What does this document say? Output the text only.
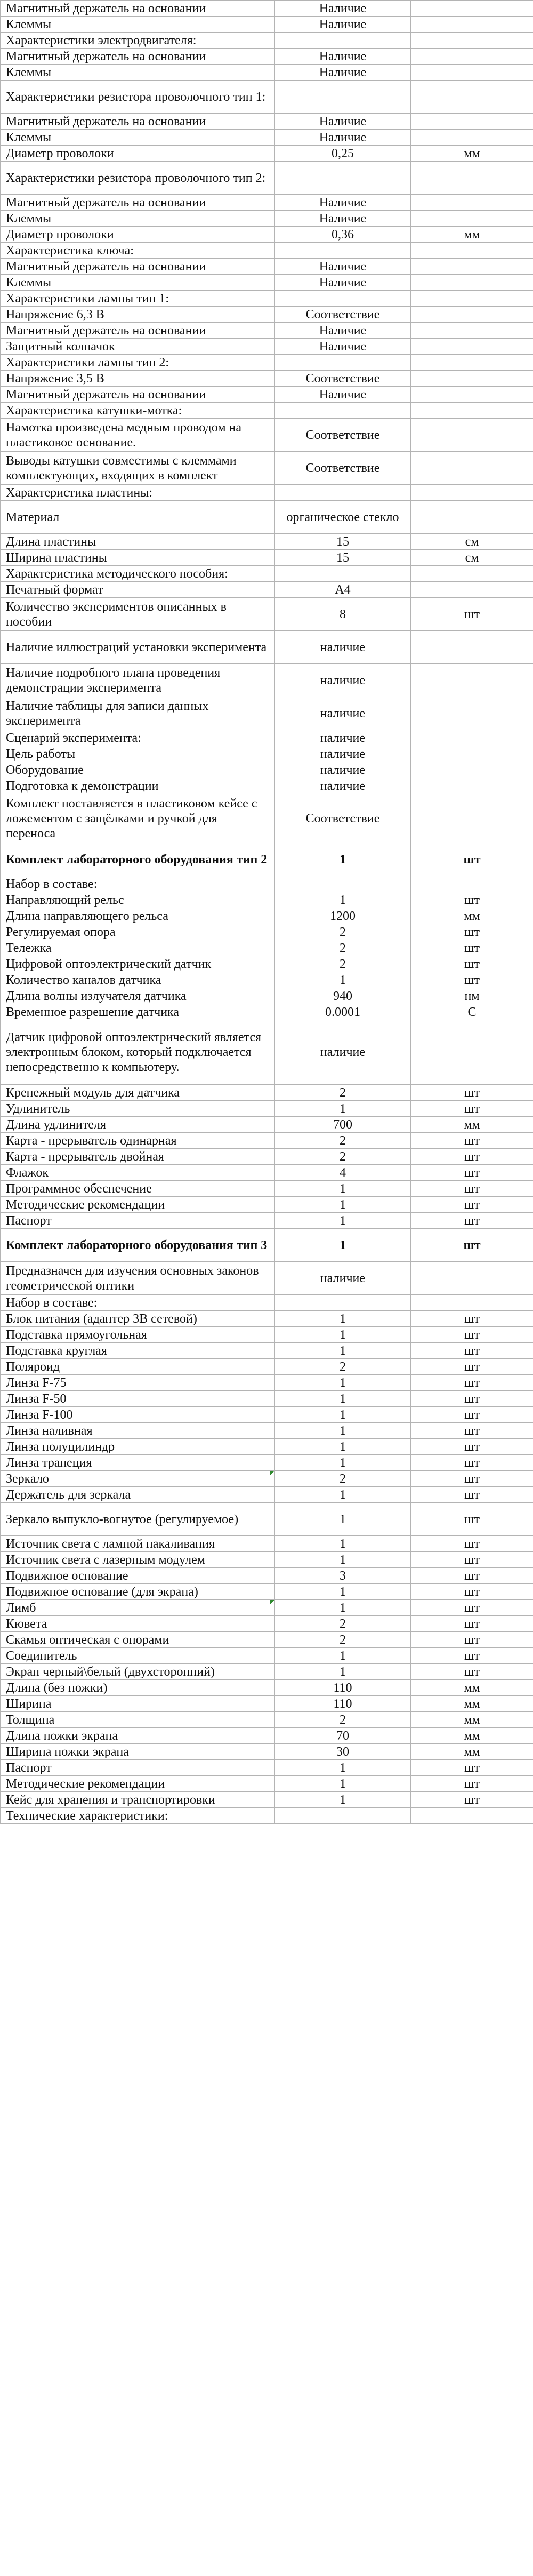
Магнитный держатель на основании	Наличие	
Клеммы	Наличие	
Характеристики электродвигателя:		
Магнитный держатель на основании	Наличие	
Клеммы	Наличие	
Характеристики резистора проволочного тип 1:		
Магнитный держатель на основании	Наличие	
Клеммы	Наличие	
Диаметр проволоки	0,25	мм
Характеристики резистора проволочного тип 2:		
Магнитный держатель на основании	Наличие	
Клеммы	Наличие	
Диаметр проволоки	0,36	мм
Характеристика ключа:		
Магнитный держатель на основании	Наличие	
Клеммы	Наличие	
Характеристики лампы тип 1:		
Напряжение 6,3 В	Соответствие	
Магнитный держатель на основании	Наличие	
Защитный колпачок	Наличие	
Характеристики лампы тип 2:		
Напряжение 3,5 В	Соответствие	
Магнитный держатель на основании	Наличие	
Характеристика катушки-мотка:		
Намотка произведена медным проводом на пластиковое основание.	Соответствие	
Выводы катушки совместимы с клеммами комплектующих, входящих в комплект	Соответствие	
Характеристика пластины:		
Материал	органическое стекло	
Длина пластины	15	см
Ширина пластины	15	см
Характеристика методического пособия:		
Печатный формат	А4	
Количество экспериментов описанных в пособии	8	шт
Наличие иллюстраций установки эксперимента	наличие	
Наличие подробного плана проведения демонстрации эксперимента	наличие	
Наличие таблицы для записи данных эксперимента	наличие	
Сценарий эксперимента:	наличие	
Цель работы	наличие	
Оборудование	наличие	
Подготовка к демонстрации	наличие	
Комплект поставляется в пластиковом кейсе с ложементом с защёлками и ручкой для переноса	Соответствие	
Комплект лабораторного оборудования тип 2	1	шт
Набор в составе:		
Направляющий рельс	1	шт
Длина направляющего рельса	1200	мм
Регулируемая опора	2	шт
Тележка	2	шт
Цифровой оптоэлектрический датчик	2	шт
Количество каналов датчика	1	шт
Длина волны излучателя датчика	940	нм
Временное разрешение датчика	0.0001	С
Датчик цифровой оптоэлектрический является электронным блоком, который подключается непосредственно к компьютеру.	наличие	
Крепежный модуль для датчика	2	шт
Удлинитель	1	шт
Длина удлинителя	700	мм
Карта - прерыватель одинарная	2	шт
Карта - прерыватель двойная	2	шт
Флажок	4	шт
Программное обеспечение	1	шт
Методические рекомендации	1	шт
Паспорт	1	шт
Комплект лабораторного оборудования тип 3	1	шт
Предназначен для изучения основных законов геометрической оптики	наличие	
Набор в составе:		
Блок питания (адаптер 3В сетевой)	1	шт
Подставка прямоугольная	1	шт
Подставка круглая	1	шт
Поляроид	2	шт
Линза F-75	1	шт
Линза F-50	1	шт
Линза F-100	1	шт
Линза наливная	1	шт
Линза полуцилиндр	1	шт
Линза трапеция	1	шт
Зеркало	2	шт
Держатель для зеркала	1	шт
Зеркало выпукло-вогнутое (регулируемое)	1	шт
Источник света с лампой накаливания	1	шт
Источник света с лазерным модулем	1	шт
Подвижное основание	3	шт
Подвижное основание (для экрана)	1	шт
Лимб	1	шт
Кювета	2	шт
Скамья оптическая с опорами	2	шт
Соединитель	1	шт
Экран черный\белый (двухсторонний)	1	шт
Длина (без ножки)	110	мм
Ширина	110	мм
Толщина	2	мм
Длина ножки экрана	70	мм
Ширина ножки экрана	30	мм
Паспорт	1	шт
Методические рекомендации	1	шт
Кейс для хранения и транспортировки	1	шт
Технические характеристики:		
